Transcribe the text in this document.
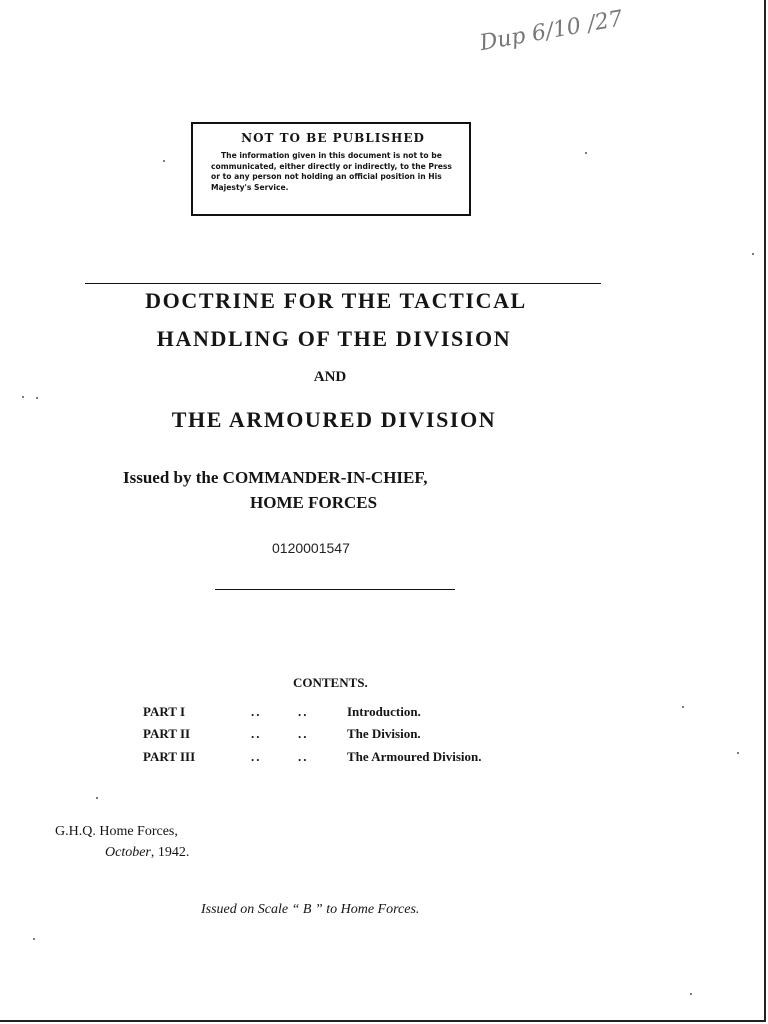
Dup 6/10 /27
NOT TO BE PUBLISHED
The information given in this document is not to be communicated, either directly or indirectly, to the Press or to any person not holding an official position in His Majesty's Service.
DOCTRINE FOR THE TACTICAL
HANDLING OF THE DIVISION
AND
THE ARMOURED DIVISION
Issued by the COMMANDER-IN-CHIEF,
HOME FORCES
0120001547
CONTENTS.
PART I	..	..	Introduction.
PART II	..	..	The Division.
PART III	..	..	The Armoured Division.
G.H.Q. Home Forces,
October, 1942.
Issued on Scale “ B ” to Home Forces.
